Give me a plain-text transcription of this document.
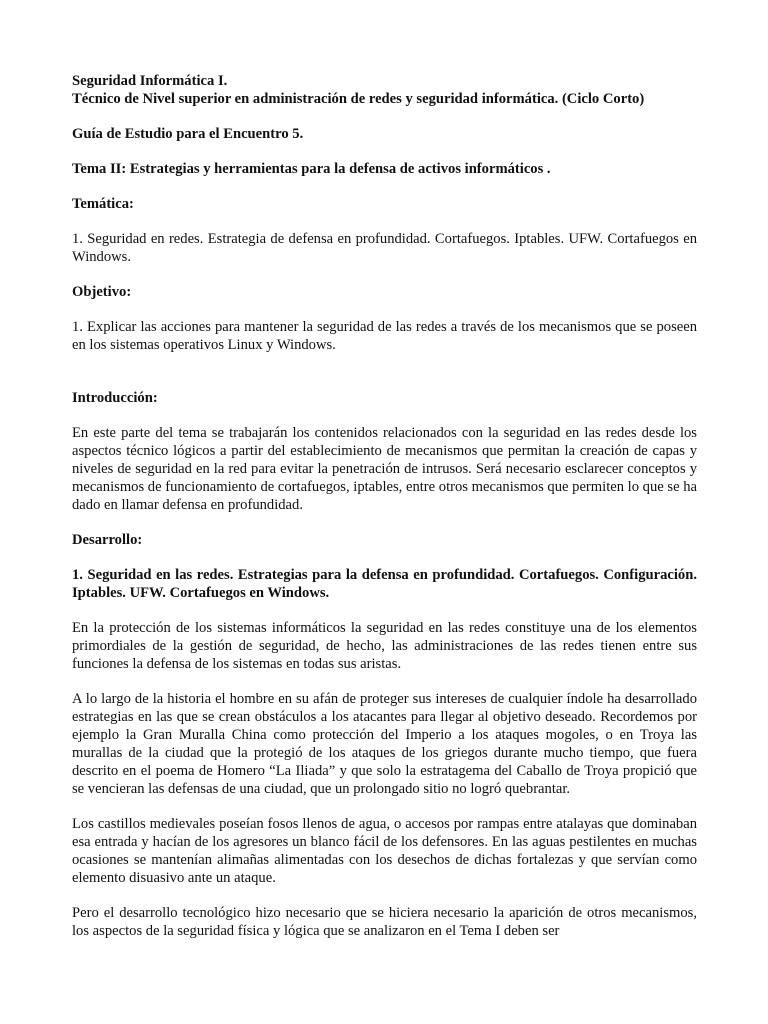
Seguridad Informática I.

Técnico de Nivel superior en administración de redes y seguridad informática. (Ciclo Corto)

Guía de Estudio para el Encuentro 5.

Tema II: Estrategias y herramientas para la defensa de activos informáticos .

Temática:

1. Seguridad en redes. Estrategia de defensa en profundidad. Cortafuegos. Iptables. UFW. Cortafuegos en Windows.

Objetivo:

1. Explicar las acciones para mantener la seguridad de las redes a través de los mecanismos que se poseen en los sistemas operativos Linux y Windows.

Introducción:

En este parte del tema se trabajarán los contenidos relacionados con la seguridad en las redes desde los aspectos técnico lógicos a partir del establecimiento de mecanismos que permitan la creación de capas y niveles de seguridad en la red para evitar la penetración de intrusos. Será necesario esclarecer conceptos y mecanismos de funcionamiento de cortafuegos, iptables, entre otros mecanismos que permiten lo que se ha dado en llamar defensa en profundidad.

Desarrollo:

1. Seguridad en las redes. Estrategias para la defensa en profundidad. Cortafuegos. Configuración. Iptables. UFW. Cortafuegos en Windows.

En la protección de los sistemas informáticos la seguridad en las redes constituye una de los elementos primordiales de la gestión de seguridad, de hecho, las administraciones de las redes tienen entre sus funciones la defensa de los sistemas en todas sus aristas.

A lo largo de la historia el hombre en su afán de proteger sus intereses de cualquier índole ha desarrollado estrategias en las que se crean obstáculos a los atacantes para llegar al objetivo deseado. Recordemos por ejemplo la Gran Muralla China como protección del Imperio a los ataques mogoles, o en Troya las murallas de la ciudad que la protegió de los ataques de los griegos durante mucho tiempo, que fuera descrito en el poema de Homero “La Iliada” y que solo la estratagema del Caballo de Troya propició que se vencieran las defensas de una ciudad, que un prolongado sitio no logró quebrantar.

Los castillos medievales poseían fosos llenos de agua, o accesos por rampas entre atalayas que dominaban esa entrada y hacían de los agresores un blanco fácil de los defensores. En las aguas pestilentes en muchas ocasiones se mantenían alimañas alimentadas con los desechos de dichas fortalezas y que servían como elemento disuasivo ante un ataque.

Pero el desarrollo tecnológico hizo necesario que se hiciera necesario la aparición de otros mecanismos, los aspectos de la seguridad física y lógica que se analizaron en el Tema I deben ser
